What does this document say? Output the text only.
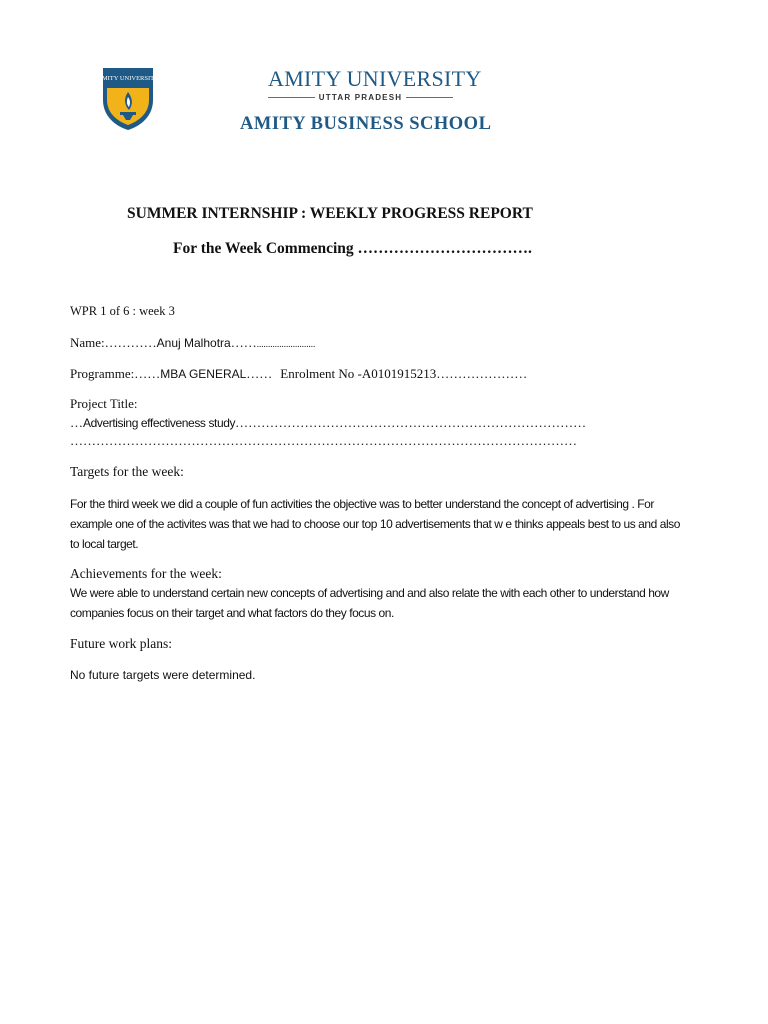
AMITY UNIVERSITY	AMITY UNIVERSITY
UTTAR PRADESH
AMITY BUSINESS SCHOOL
SUMMER INTERNSHIP : WEEKLY PROGRESS REPORT
For the Week Commencing …………………………….
WPR 1 of 6 : week 3
Name:…………Anuj Malhotra……..........................
Programme:……MBA GENERAL…… Enrolment No -A0101915213…………………
Project Title:
…Advertising effectiveness study………………………………………………………………………
………………………………………………………………………………………………………
Targets for the week:
For the third week we did a couple of fun activities the objective was to better understand the concept of advertising . For example one of the activites was that we had to choose our top 10 advertisements that w e thinks appeals best to us and also to local target.
Achievements for the week:
We were able to understand certain new concepts of advertising and and also relate the with each other to understand how companies focus on their target and what factors do they focus on.
Future work plans:
No future targets were determined.
